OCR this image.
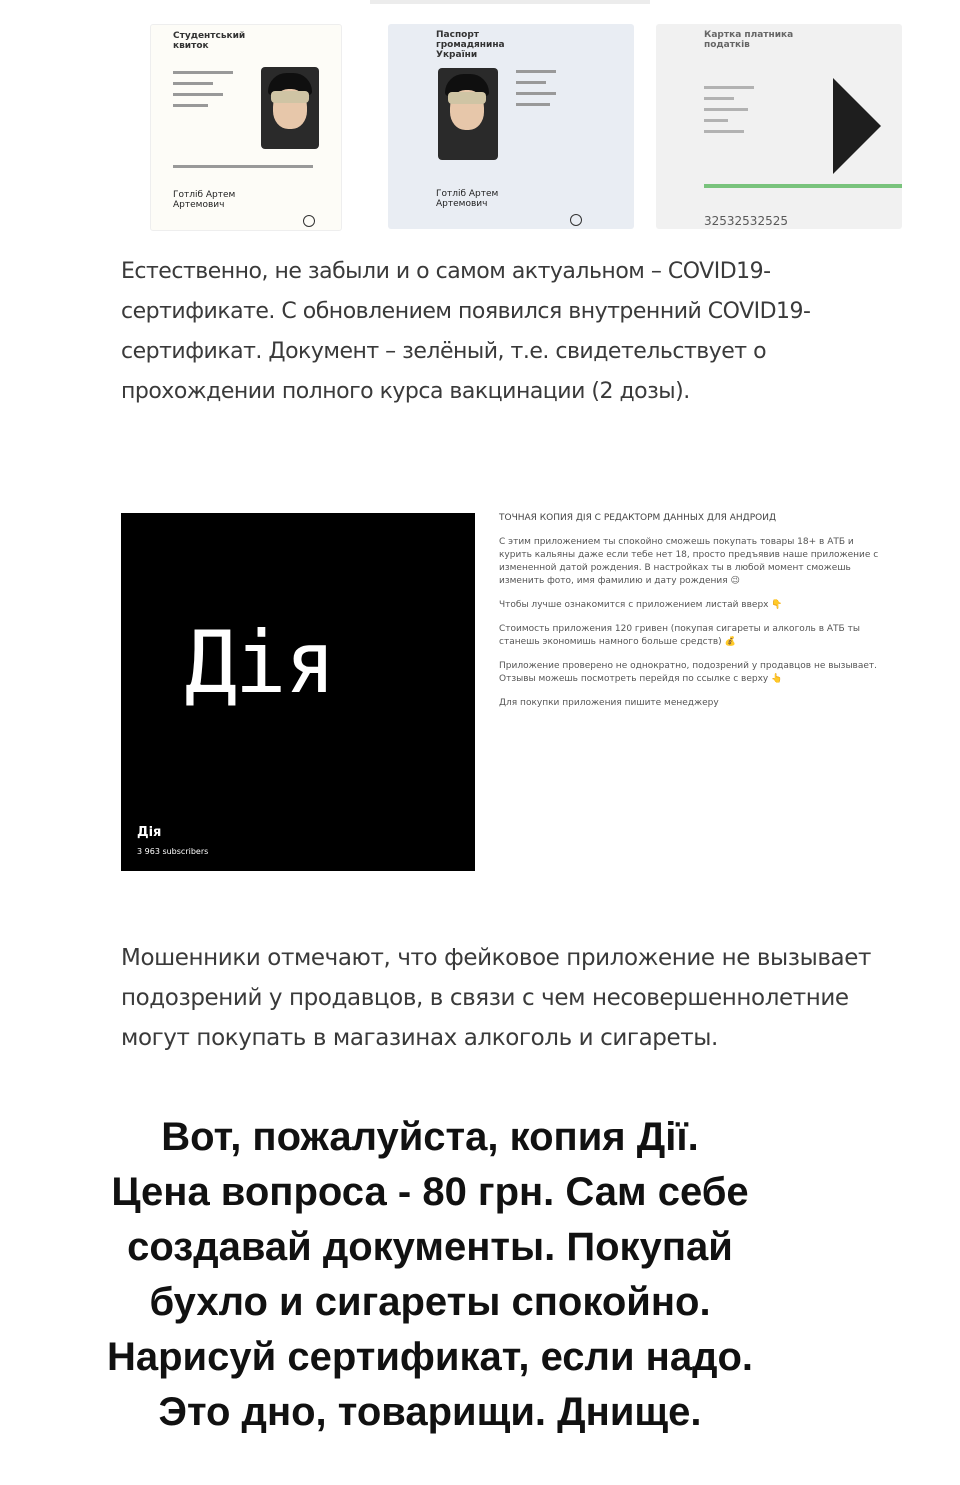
Студентський квиток
Готліб Артем Артемович
Паспорт громадянина України
Готліб Артем Артемович
Картка платника податків
32532532525
Естественно, не забыли и о самом актуальном – COVID19-сертификате. С обновлением появился внутренний COVID19-сертификат. Документ – зелёный, т.е. свидетельствует о прохождении полного курса вакцинации (2 дозы).
Дія
Дія
3 963 subscribers

ТОЧНАЯ КОПИЯ ДІЯ С РЕДАКТОРМ ДАННЫХ ДЛЯ АНДРОИД

С этим приложением ты спокойно сможешь покупать товары 18+ в АТБ и курить кальяны даже если тебе нет 18, просто предъявив наше приложение с измененной датой рождения. В настройках ты в любой момент сможешь изменить фото, имя фамилию и дату рождения 😉

Чтобы лучше ознакомится с приложением листай вверх 👇

Стоимость приложения 120 гривен (покупая сигареты и алкоголь в АТБ ты станешь экономишь намного больше средств) 💰

Приложение проверено не однократно, подозрений у продавцов не вызывает. Отзывы можешь посмотреть перейдя по ссылке с верху 👆

Для покупки приложения пишите менеджеру

Мошенники отмечают, что фейковое приложение не вызывает подозрений у продавцов, в связи с чем несовершеннолетние могут покупать в магазинах алкоголь и сигареты.
Вот, пожалуйста, копия Дії.
Цена вопроса - 80 грн. Сам себе
создавай документы. Покупай
бухло и сигареты спокойно.
Нарисуй сертификат, если надо.
Это дно, товарищи. Днище.
